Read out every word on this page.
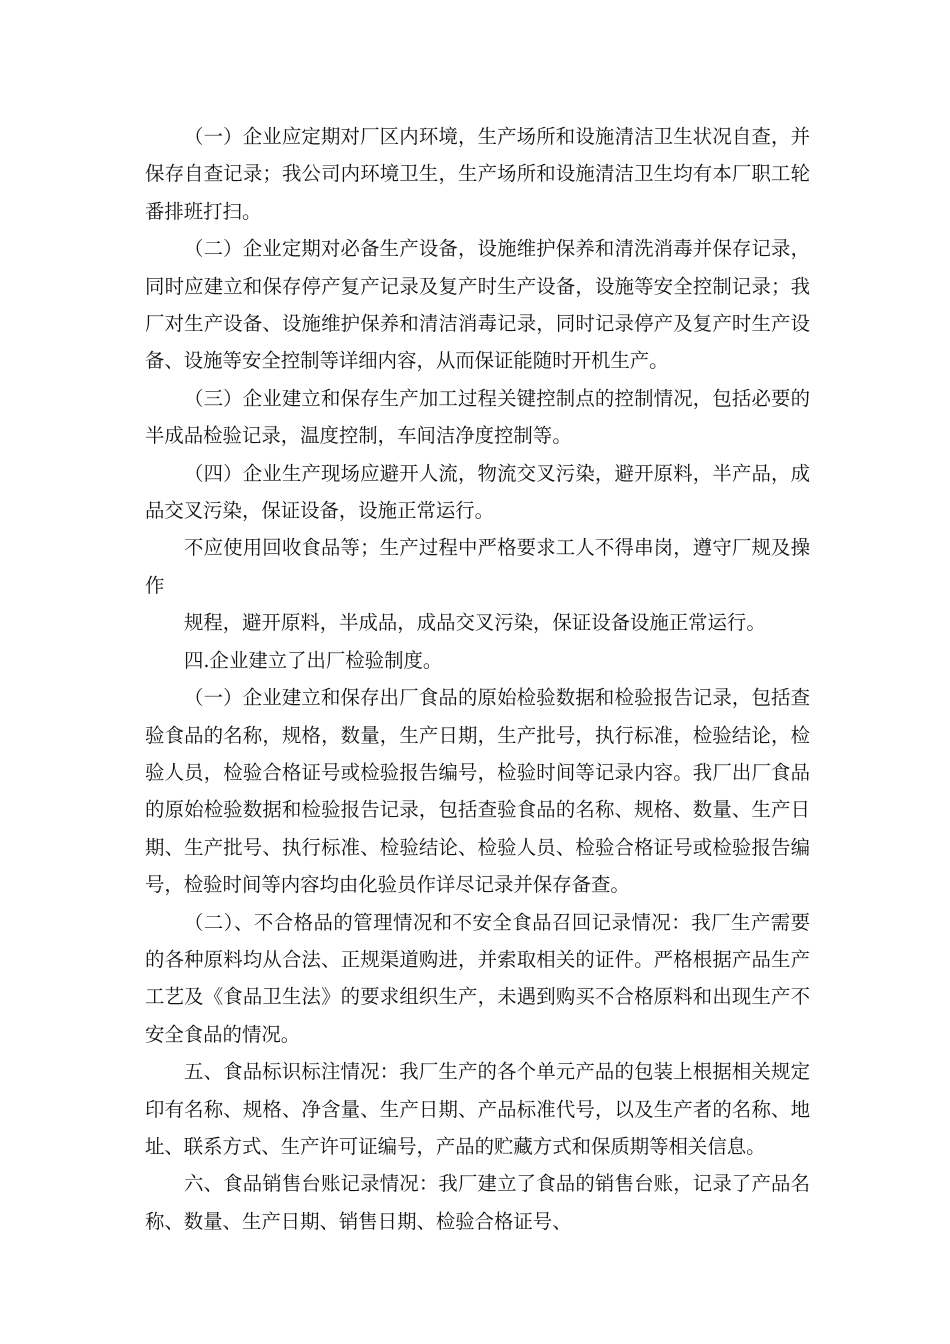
（一）企业应定期对厂区内环境，生产场所和设施清洁卫生状况自查，并保存自查记录；我公司内环境卫生，生产场所和设施清洁卫生均有本厂职工轮番排班打扫。

（二）企业定期对必备生产设备，设施维护保养和清洗消毒并保存记录，同时应建立和保存停产复产记录及复产时生产设备，设施等安全控制记录；我厂对生产设备、设施维护保养和清洁消毒记录，同时记录停产及复产时生产设备、设施等安全控制等详细内容，从而保证能随时开机生产。

（三）企业建立和保存生产加工过程关键控制点的控制情况，包括必要的半成品检验记录，温度控制，车间洁净度控制等。

（四）企业生产现场应避开人流，物流交叉污染，避开原料，半产品，成品交叉污染，保证设备，设施正常运行。

不应使用回收食品等；生产过程中严格要求工人不得串岗，遵守厂规及操作

规程，避开原料，半成品，成品交叉污染，保证设备设施正常运行。

四.企业建立了出厂检验制度。

（一）企业建立和保存出厂食品的原始检验数据和检验报告记录，包括查验食品的名称，规格，数量，生产日期，生产批号，执行标准，检验结论，检验人员，检验合格证号或检验报告编号，检验时间等记录内容。我厂出厂食品的原始检验数据和检验报告记录，包括查验食品的名称、规格、数量、生产日期、生产批号、执行标准、检验结论、检验人员、检验合格证号或检验报告编号，检验时间等内容均由化验员作详尽记录并保存备查。

（二）、不合格品的管理情况和不安全食品召回记录情况：我厂生产需要的各种原料均从合法、正规渠道购进，并索取相关的证件。严格根据产品生产工艺及《食品卫生法》的要求组织生产，未遇到购买不合格原料和出现生产不安全食品的情况。

五、食品标识标注情况：我厂生产的各个单元产品的包装上根据相关规定印有名称、规格、净含量、生产日期、产品标准代号，以及生产者的名称、地址、联系方式、生产许可证编号，产品的贮藏方式和保质期等相关信息。

六、食品销售台账记录情况：我厂建立了食品的销售台账，记录了产品名称、数量、生产日期、销售日期、检验合格证号、
